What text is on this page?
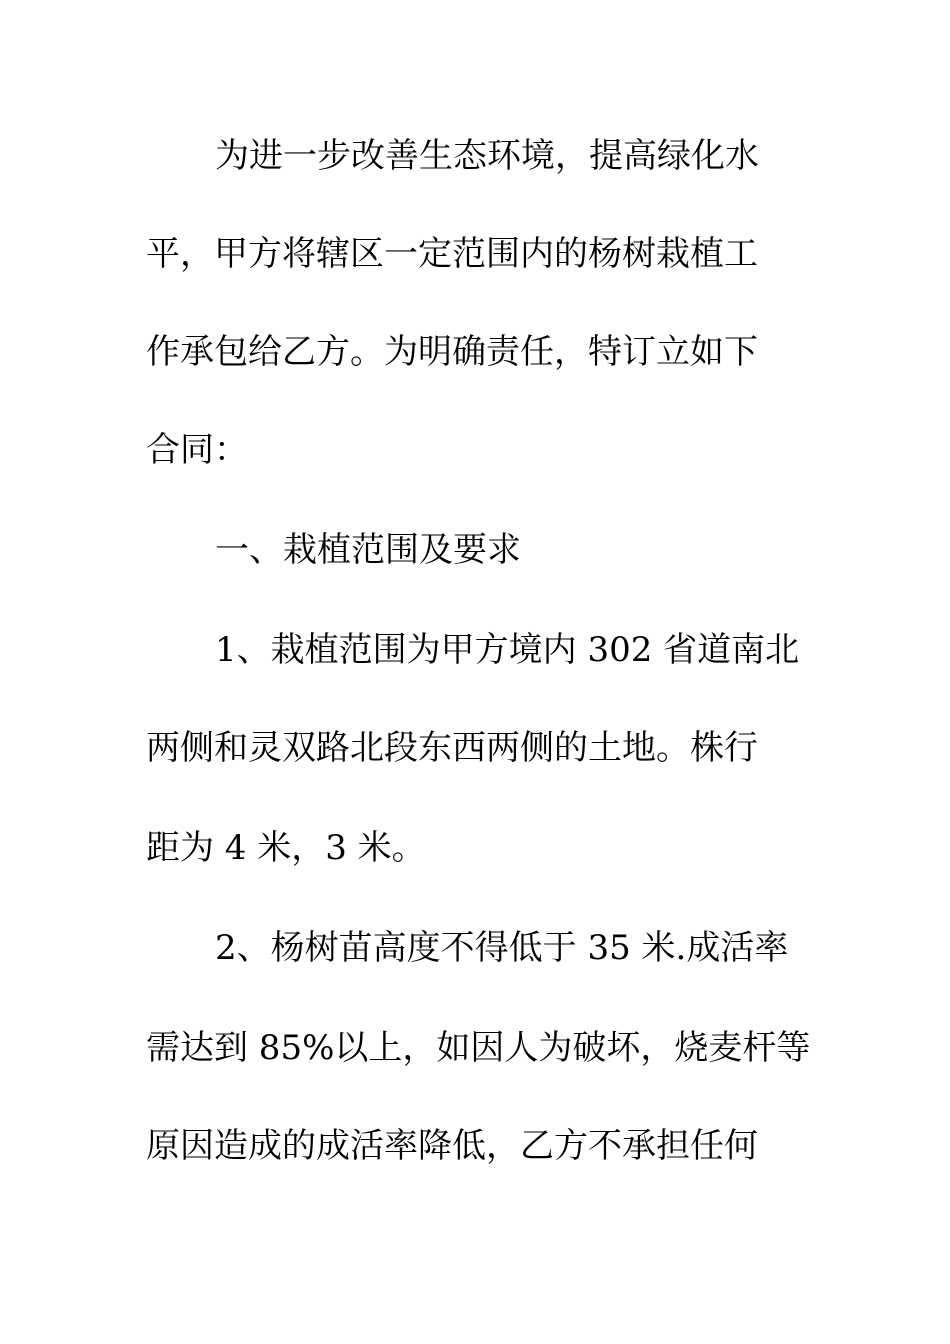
为进一步改善生态环境，提高绿化水
平，甲方将辖区一定范围内的杨树栽植工
作承包给乙方。为明确责任，特订立如下
合同：
一、栽植范围及要求
1、栽植范围为甲方境内 302 省道南北
两侧和灵双路北段东西两侧的土地。株行
距为 4 米，3 米。
2、杨树苗高度不得低于 35 米.成活率
需达到 85%以上，如因人为破坏，烧麦杆等
原因造成的成活率降低，乙方不承担任何
